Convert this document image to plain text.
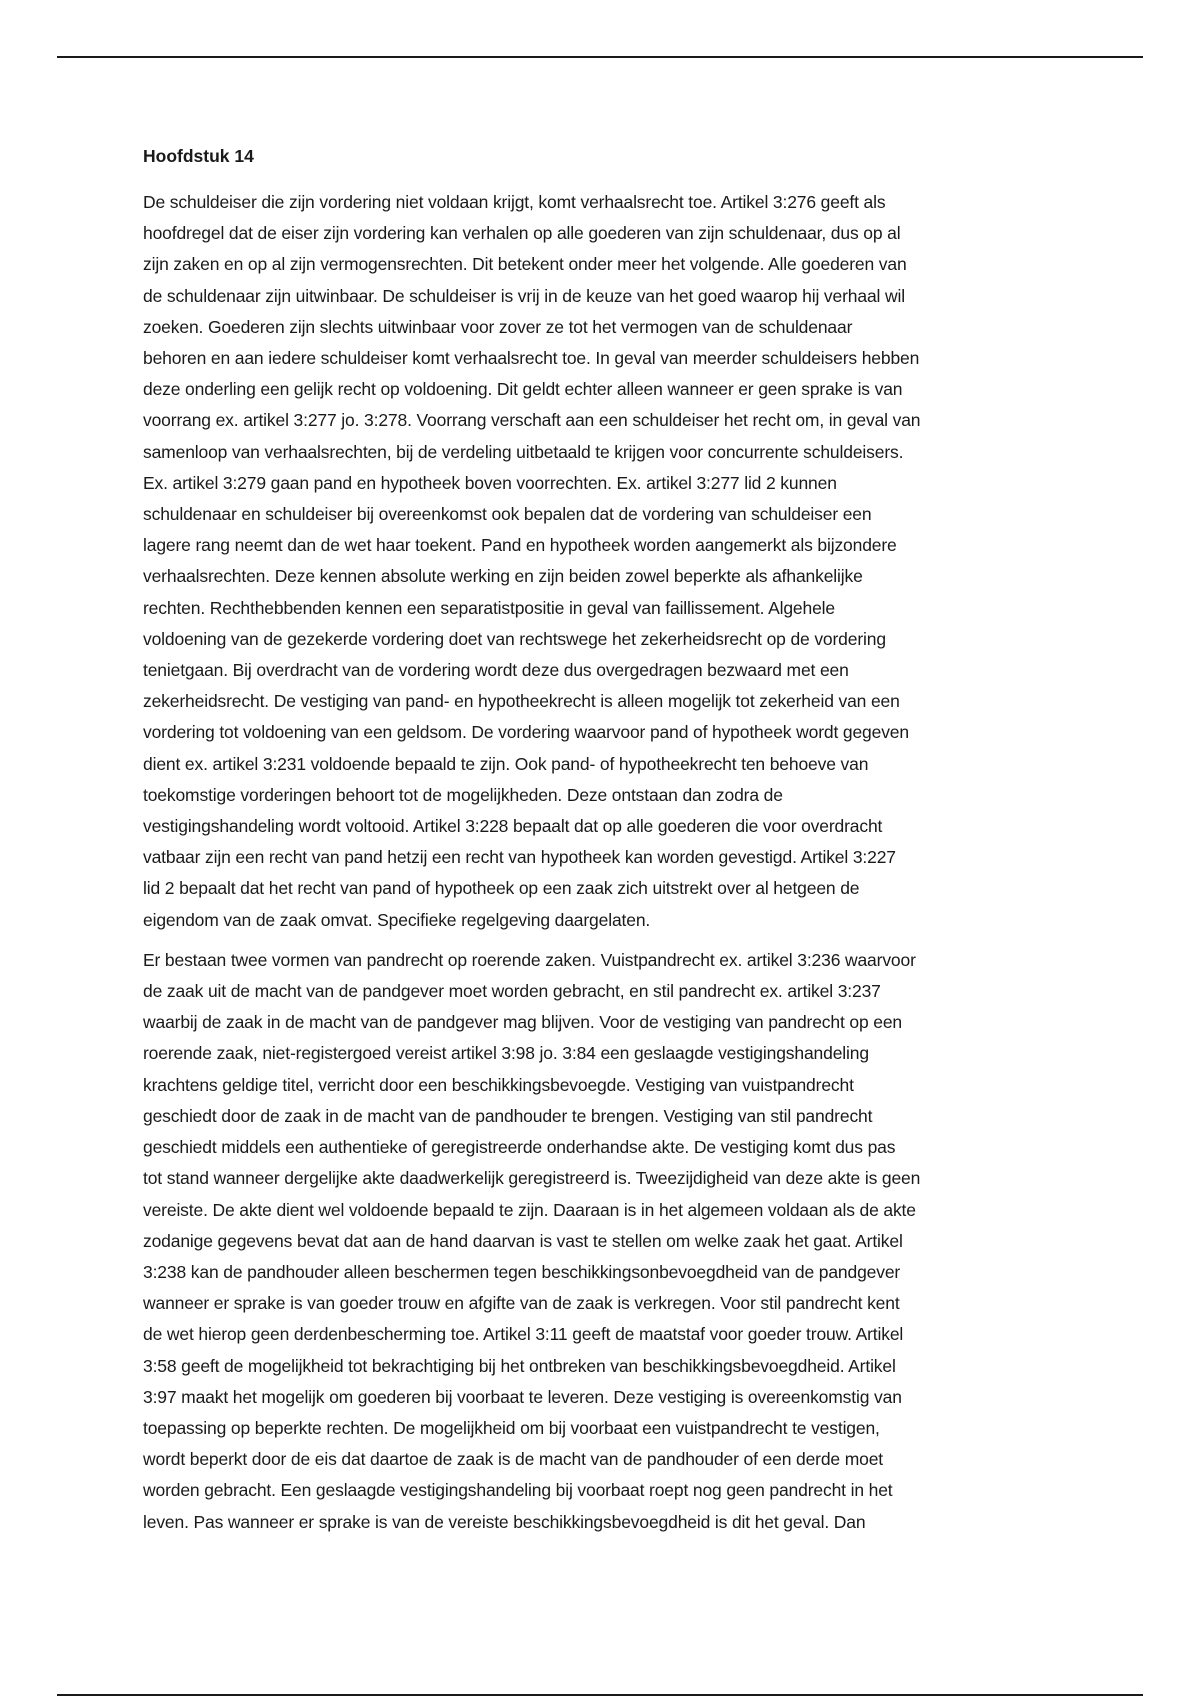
Hoofdstuk 14

De schuldeiser die zijn vordering niet voldaan krijgt, komt verhaalsrecht toe. Artikel 3:276 geeft als
hoofdregel dat de eiser zijn vordering kan verhalen op alle goederen van zijn schuldenaar, dus op al
zijn zaken en op al zijn vermogensrechten. Dit betekent onder meer het volgende. Alle goederen van
de schuldenaar zijn uitwinbaar. De schuldeiser is vrij in de keuze van het goed waarop hij verhaal wil
zoeken. Goederen zijn slechts uitwinbaar voor zover ze tot het vermogen van de schuldenaar
behoren en aan iedere schuldeiser komt verhaalsrecht toe. In geval van meerder schuldeisers hebben
deze onderling een gelijk recht op voldoening. Dit geldt echter alleen wanneer er geen sprake is van
voorrang ex. artikel 3:277 jo. 3:278. Voorrang verschaft aan een schuldeiser het recht om, in geval van
samenloop van verhaalsrechten, bij de verdeling uitbetaald te krijgen voor concurrente schuldeisers.
Ex. artikel 3:279 gaan pand en hypotheek boven voorrechten. Ex. artikel 3:277 lid 2 kunnen
schuldenaar en schuldeiser bij overeenkomst ook bepalen dat de vordering van schuldeiser een
lagere rang neemt dan de wet haar toekent. Pand en hypotheek worden aangemerkt als bijzondere
verhaalsrechten. Deze kennen absolute werking en zijn beiden zowel beperkte als afhankelijke
rechten. Rechthebbenden kennen een separatistpositie in geval van faillissement. Algehele
voldoening van de gezekerde vordering doet van rechtswege het zekerheidsrecht op de vordering
tenietgaan. Bij overdracht van de vordering wordt deze dus overgedragen bezwaard met een
zekerheidsrecht. De vestiging van pand- en hypotheekrecht is alleen mogelijk tot zekerheid van een
vordering tot voldoening van een geldsom. De vordering waarvoor pand of hypotheek wordt gegeven
dient ex. artikel 3:231 voldoende bepaald te zijn. Ook pand- of hypotheekrecht ten behoeve van
toekomstige vorderingen behoort tot de mogelijkheden. Deze ontstaan dan zodra de
vestigingshandeling wordt voltooid. Artikel 3:228 bepaalt dat op alle goederen die voor overdracht
vatbaar zijn een recht van pand hetzij een recht van hypotheek kan worden gevestigd. Artikel 3:227
lid 2 bepaalt dat het recht van pand of hypotheek op een zaak zich uitstrekt over al hetgeen de
eigendom van de zaak omvat. Specifieke regelgeving daargelaten.

Er bestaan twee vormen van pandrecht op roerende zaken. Vuistpandrecht ex. artikel 3:236 waarvoor
de zaak uit de macht van de pandgever moet worden gebracht, en stil pandrecht ex. artikel 3:237
waarbij de zaak in de macht van de pandgever mag blijven. Voor de vestiging van pandrecht op een
roerende zaak, niet-registergoed vereist artikel 3:98 jo. 3:84 een geslaagde vestigingshandeling
krachtens geldige titel, verricht door een beschikkingsbevoegde. Vestiging van vuistpandrecht
geschiedt door de zaak in de macht van de pandhouder te brengen. Vestiging van stil pandrecht
geschiedt middels een authentieke of geregistreerde onderhandse akte. De vestiging komt dus pas
tot stand wanneer dergelijke akte daadwerkelijk geregistreerd is. Tweezijdigheid van deze akte is geen
vereiste. De akte dient wel voldoende bepaald te zijn. Daaraan is in het algemeen voldaan als de akte
zodanige gegevens bevat dat aan de hand daarvan is vast te stellen om welke zaak het gaat. Artikel
3:238 kan de pandhouder alleen beschermen tegen beschikkingsonbevoegdheid van de pandgever
wanneer er sprake is van goeder trouw en afgifte van de zaak is verkregen. Voor stil pandrecht kent
de wet hierop geen derdenbescherming toe. Artikel 3:11 geeft de maatstaf voor goeder trouw. Artikel
3:58 geeft de mogelijkheid tot bekrachtiging bij het ontbreken van beschikkingsbevoegdheid. Artikel
3:97 maakt het mogelijk om goederen bij voorbaat te leveren. Deze vestiging is overeenkomstig van
toepassing op beperkte rechten. De mogelijkheid om bij voorbaat een vuistpandrecht te vestigen,
wordt beperkt door de eis dat daartoe de zaak is de macht van de pandhouder of een derde moet
worden gebracht. Een geslaagde vestigingshandeling bij voorbaat roept nog geen pandrecht in het
leven. Pas wanneer er sprake is van de vereiste beschikkingsbevoegdheid is dit het geval. Dan
